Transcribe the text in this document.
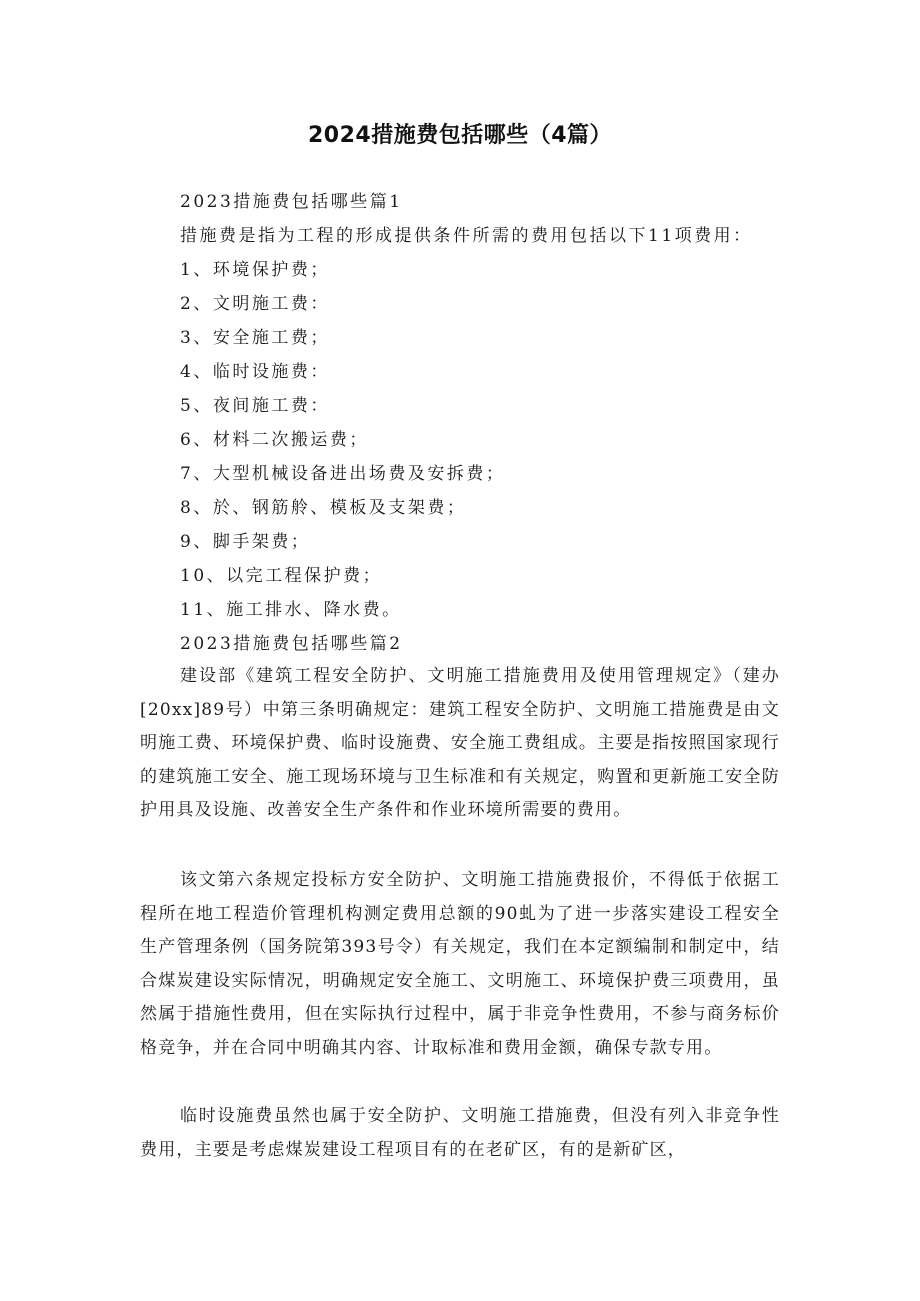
2024措施费包括哪些（4篇）
2023措施费包括哪些篇1
措施费是指为工程的形成提供条件所需的费用包括以下11项费用：
1、环境保护费；
2、文明施工费：
3、安全施工费；
4、临时设施费：
5、夜间施工费：
6、材料二次搬运费；
7、大型机械设备进出场费及安拆费；
8、於、钢筋舲、模板及支架费；
9、脚手架费；
10、以完工程保护费；
11、施工排水、降水费。
2023措施费包括哪些篇2
建设部《建筑工程安全防护、文明施工措施费用及使用管理规定》（建办[20xx]89号）中第三条明确规定：建筑工程安全防护、文明施工措施费是由文明施工费、环境保护费、临时设施费、安全施工费组成。主要是指按照国家现行的建筑施工安全、施工现场环境与卫生标准和有关规定，购置和更新施工安全防护用具及设施、改善安全生产条件和作业环境所需要的费用。
该文第六条规定投标方安全防护、文明施工措施费报价，不得低于依据工程所在地工程造价管理机构测定费用总额的90虬为了进一步落实建设工程安全生产管理条例（国务院第393号令）有关规定，我们在本定额编制和制定中，结合煤炭建设实际情况，明确规定安全施工、文明施工、环境保护费三项费用，虽然属于措施性费用，但在实际执行过程中，属于非竞争性费用，不参与商务标价格竞争，并在合同中明确其内容、计取标准和费用金额，确保专款专用。
临时设施费虽然也属于安全防护、文明施工措施费，但没有列入非竞争性费用，主要是考虑煤炭建设工程项目有的在老矿区，有的是新矿区，
